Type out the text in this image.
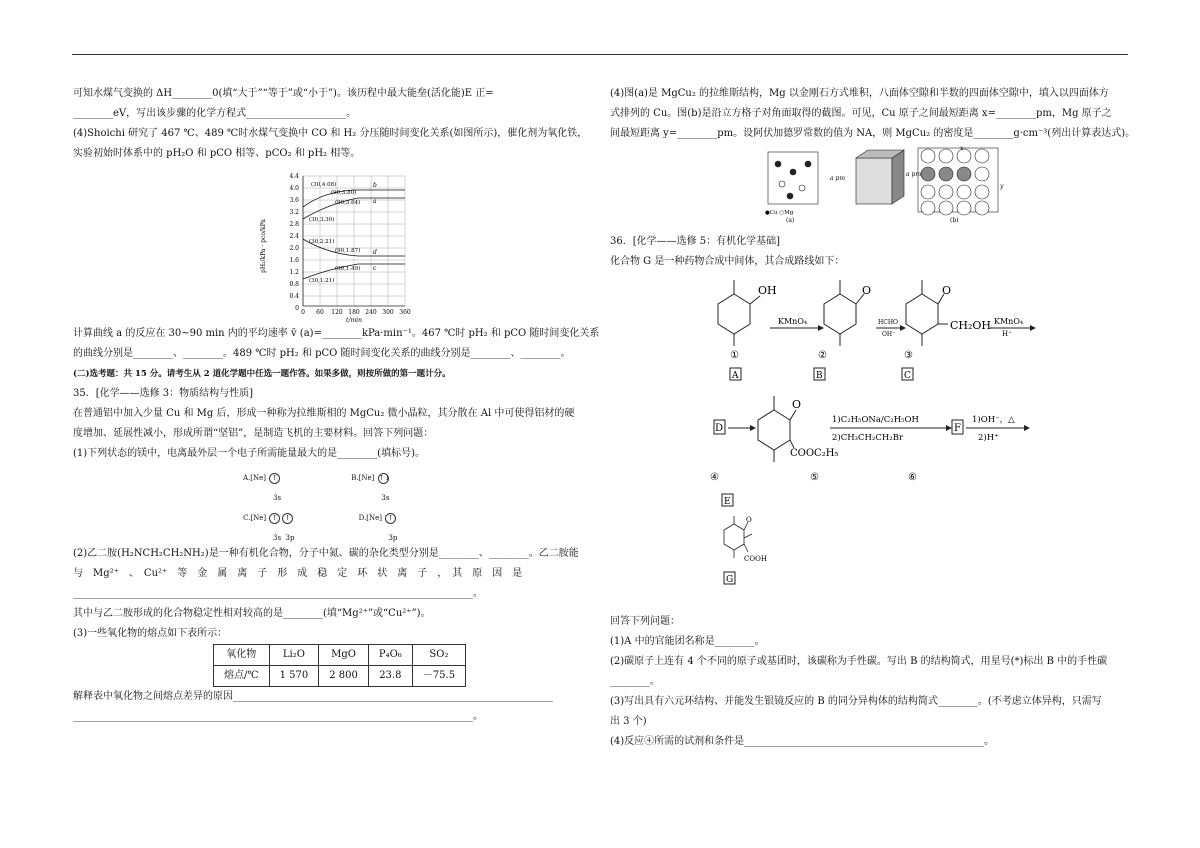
可知水煤气变换的 ΔH________0(填“大于”“等于”或“小于”)。该历程中最大能垒(活化能)E 正=

________eV，写出该步骤的化学方程式____________________。

(4)Shoichi 研究了 467 ℃、489 ℃时水煤气变换中 CO 和 H₂ 分压随时间变化关系(如图所示)，催化剂为氧化铁，

实验初始时体系中的 pH₂O 和 pCO 相等、pCO₂ 和 pH₂ 相等。

pH₂/kPa · pco/kPa
4.4
4.0
3.6
3.2
2.8
2.4
2.0
1.6
1.2
0.8
0.4
0
0 60 120 180 240 300 360
t/min
(30,4.08)
(90,3.80)
(90,3.64)
(30,3.30)
(30,2.21)
(90,1.87)
(90,1.49)
(30,1.21)
b
a
d
c

计算曲线 a 的反应在 30~90 min 内的平均速率 v̄ (a)=________kPa·min⁻¹。467 ℃时 pH₂ 和 pCO 随时间变化关系

的曲线分别是________、________。489 ℃时 pH₂ 和 pCO 随时间变化关系的曲线分别是________、________。

(二)选考题：共 15 分。请考生从 2 道化学题中任选一题作答。如果多做，则按所做的第一题计分。

35．[化学——选修 3：物质结构与性质]

在普通铝中加入少量 Cu 和 Mg 后，形成一种称为拉维斯相的 MgCu₂ 微小晶粒，其分散在 Al 中可使得铝材的硬

度增加、延展性减小，形成所谓“坚铝”，是制造飞机的主要材料。回答下列问题：

(1)下列状态的镁中，电离最外层一个电子所需能量最大的是________(填标号)。

A.[Ne] ↑
3s
B.[Ne] ↑↓
3s
C.[Ne] ↑ ↑
3s 3p
D.[Ne] ↑
3p

(2)乙二胺(H₂NCH₂CH₂NH₂)是一种有机化合物，分子中氮、碳的杂化类型分别是________、________。乙二胺能

与　Mg²⁺　、　Cu²⁺　等　金　属　离　子　形　成　稳　定　环　状　离　子　，　其　原　因　是

________________________________________________________________________________。

其中与乙二胺形成的化合物稳定性相对较高的是________(填“Mg²⁺”或“Cu²⁺”)。

(3)一些氧化物的熔点如下表所示：

氧化物	Li₂O	MgO	P₄O₆	SO₂
熔点/℃	1 570	2 800	23.8	－75.5

解释表中氧化物之间熔点差异的原因________________________________________________________________

________________________________________________________________________________。

(4)图(a)是 MgCu₂ 的拉维斯结构，Mg 以金刚石方式堆积，八面体空隙和半数的四面体空隙中，填入以四面体方

式排列的 Cu。图(b)是沿立方格子对角面取得的截图。可见，Cu 原子之间最短距离 x=________pm，Mg 原子之

间最短距离 y=________pm。设阿伏加德罗常数的值为 NA，则 MgCu₂ 的密度是________g·cm⁻³(列出计算表达式)。

●Cu ○Mg
(a)
a pm
a pm
x
y
(b)

36．[化学——选修 5：有机化学基础]

化合物 G 是一种药物合成中间体，其合成路线如下：

OH	O	O
CH₂OH
KMnO₄	HCHO
OH⁻
KMnO₄
H⁺
①	②	③
A	B	C
D
O
COOC₂H₅
1)C₂H₅ONa/C₂H₅OH
2)CH₃CH₂CH₂Br
F
1)OH⁻，△
2)H⁺
④	⑤	⑥
E
O
COOH
G

回答下列问题：

(1)A 中的官能团名称是________。

(2)碳原子上连有 4 个不同的原子或基团时，该碳称为手性碳。写出 B 的结构简式，用星号(*)标出 B 中的手性碳

________。

(3)写出具有六元环结构、并能发生银镜反应的 B 的同分异构体的结构简式________。(不考虑立体异构，只需写

出 3 个)

(4)反应④所需的试剂和条件是________________________________________________。
